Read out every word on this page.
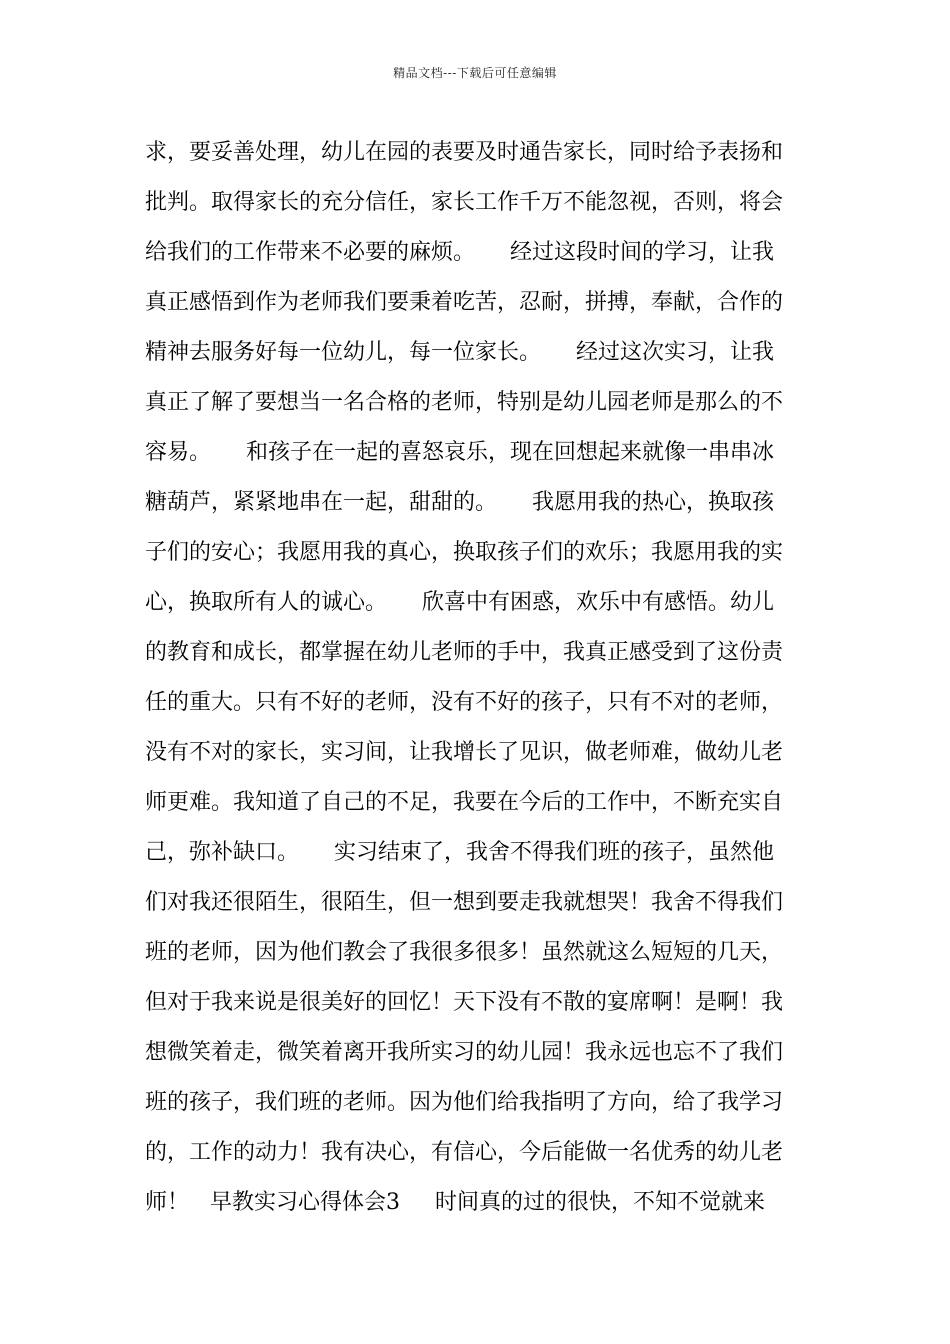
精品文档---下载后可任意编辑
求，要妥善处理，幼儿在园的表要及时通告家长，同时给予表扬和
批判。取得家长的充分信任，家长工作千万不能忽视，否则，将会
给我们的工作带来不必要的麻烦。     经过这段时间的学习，让我
真正感悟到作为老师我们要秉着吃苦，忍耐，拼搏，奉献，合作的
精神去服务好每一位幼儿，每一位家长。     经过这次实习，让我
真正了解了要想当一名合格的老师，特别是幼儿园老师是那么的不
容易。     和孩子在一起的喜怒哀乐，现在回想起来就像一串串冰
糖葫芦，紧紧地串在一起，甜甜的。     我愿用我的热心，换取孩
子们的安心；我愿用我的真心，换取孩子们的欢乐；我愿用我的实
心，换取所有人的诚心。     欣喜中有困惑，欢乐中有感悟。幼儿
的教育和成长，都掌握在幼儿老师的手中，我真正感受到了这份责
任的重大。只有不好的老师，没有不好的孩子，只有不对的老师，
没有不对的家长，实习间，让我增长了见识，做老师难，做幼儿老
师更难。我知道了自己的不足，我要在今后的工作中，不断充实自
己，弥补缺口。     实习结束了，我舍不得我们班的孩子，虽然他
们对我还很陌生，很陌生，但一想到要走我就想哭！我舍不得我们
班的老师，因为他们教会了我很多很多！虽然就这么短短的几天，
但对于我来说是很美好的回忆！天下没有不散的宴席啊！是啊！我
想微笑着走，微笑着离开我所实习的幼儿园！我永远也忘不了我们
班的孩子，我们班的老师。因为他们给我指明了方向，给了我学习
的，工作的动力！我有决心，有信心，今后能做一名优秀的幼儿老
师！   早教实习心得体会3     时间真的过的很快，不知不觉就来
